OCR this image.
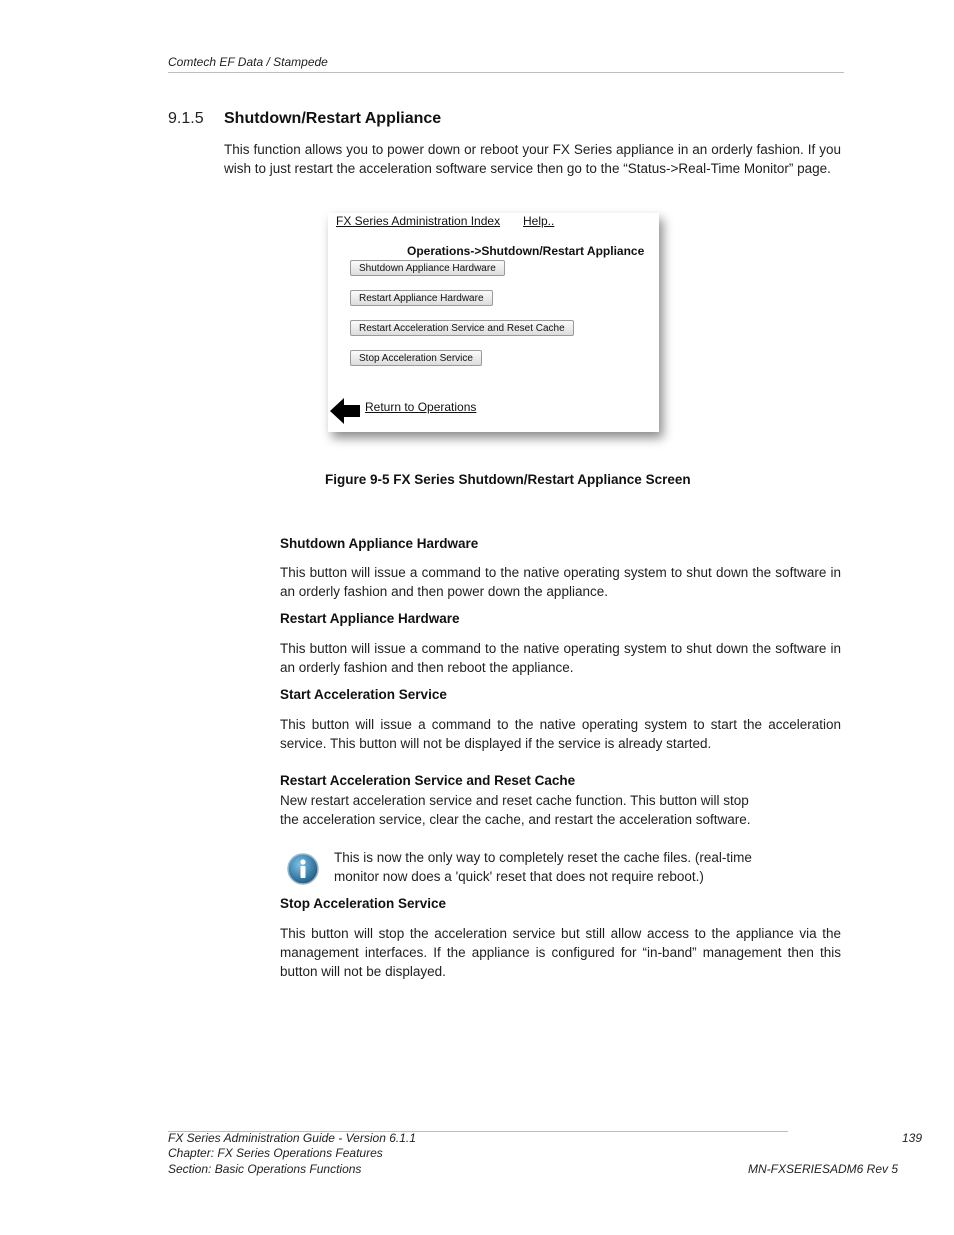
Comtech EF Data / Stampede
9.1.5 Shutdown/Restart Appliance
This function allows you to power down or reboot your FX Series appliance in an orderly fashion. If you wish to just restart the acceleration software service then go to the “Status->Real-Time Monitor” page.
FX Series Administration Index Help..
Operations->Shutdown/Restart Appliance
Shutdown Appliance Hardware
Restart Appliance Hardware
Restart Acceleration Service and Reset Cache
Stop Acceleration Service
Return to Operations
Figure 9-5 FX Series Shutdown/Restart Appliance Screen
Shutdown Appliance Hardware
This button will issue a command to the native operating system to shut down the software in an orderly fashion and then power down the appliance.
Restart Appliance Hardware
This button will issue a command to the native operating system to shut down the software in an orderly fashion and then reboot the appliance.
Start Acceleration Service
This button will issue a command to the native operating system to start the acceleration service. This button will not be displayed if the service is already started.
Restart Acceleration Service and Reset Cache
New restart acceleration service and reset cache function. This button will stop
the acceleration service, clear the cache, and restart the acceleration software.
This is now the only way to completely reset the cache files. (real-time
monitor now does a 'quick' reset that does not require reboot.)
Stop Acceleration Service
This button will stop the acceleration service but still allow access to the appliance via the management interfaces. If the appliance is configured for “in-band” management then this button will not be displayed.
FX Series Administration Guide - Version 6.1.1
Chapter: FX Series Operations Features
Section: Basic Operations Functions
139
MN-FXSERIESADM6 Rev 5
